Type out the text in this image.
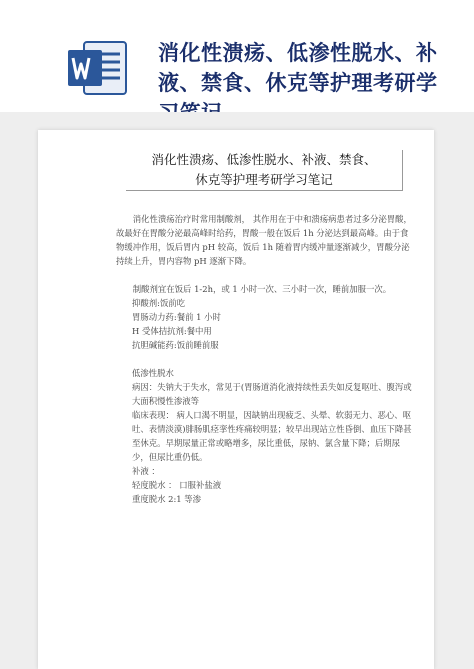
消化性溃疡、低渗性脱水、补
液、禁食、休克等护理考研学
消化性溃疡、低渗性脱水、补液、禁食、
休克等护理考研学习笔记

消化性溃疡治疗时常用制酸剂， 其作用在于中和溃疡病患者过多分泌胃酸，故最好在胃酸分泌最高峰时给药，胃酸一般在饭后 1h 分泌达到最高峰。由于食物缓冲作用，饭后胃内 pH 较高，饭后 1h 随着胃内缓冲量逐渐减少，胃酸分泌持续上升，胃内容物 pH 逐渐下降。

制酸剂宜在饭后 1-2h，或 1 小时一次、三小时一次，睡前加服一次。

抑酸剂:饭前吃

胃肠动力药:餐前 1 小时

H 受体拮抗剂:餐中用

抗胆碱能药:饭前睡前服

低渗性脱水

病因：失钠大于失水，常见于(胃肠道消化液持续性丢失如反复呕吐、腹泻或大面积慢性渗液等

临床表现： 病人口渴不明显，因缺钠出现疲乏、头晕、软弱无力、恶心、呕吐、表情淡漠)腓肠肌痉挛性疼痛较明显；较早出现站立性昏倒、血压下降甚至休克。早期尿量正常或略增多，尿比重低，尿钠、氯含量下降；后期尿少，但尿比重仍低。

补液 ：

轻度脱水 ： 口服补盐液

重度脱水 2:1 等渗
